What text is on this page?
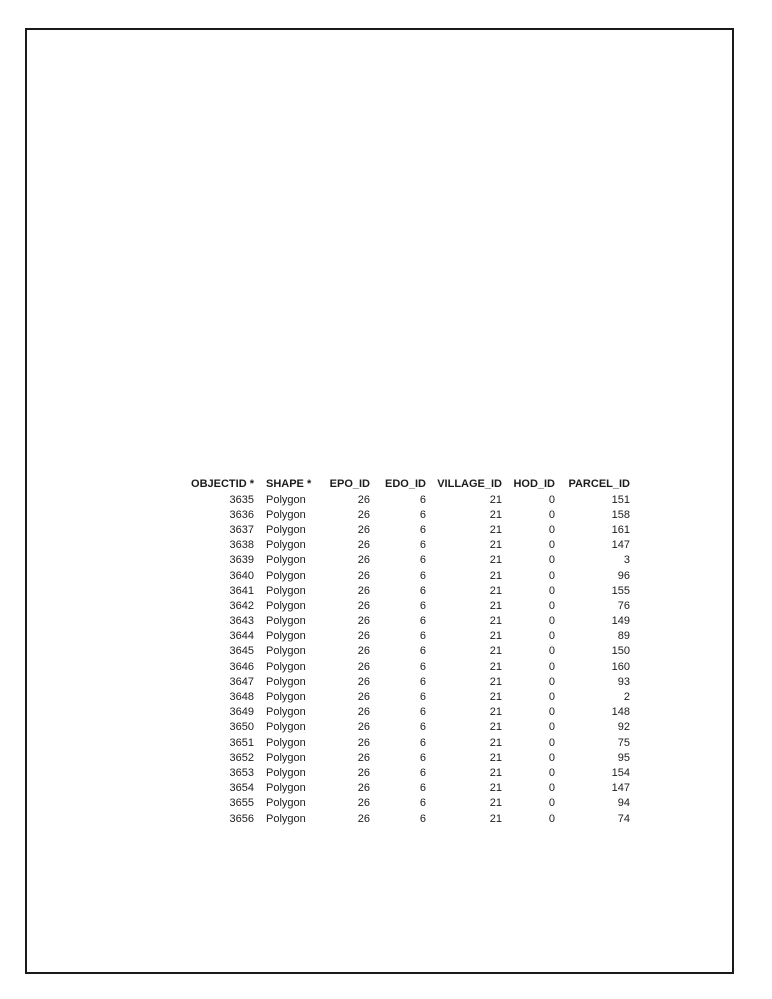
OBJECTID *	SHAPE *	EPO_ID	EDO_ID	VILLAGE_ID	HOD_ID	PARCEL_ID
3635	Polygon	26	6	21	0	151
3636	Polygon	26	6	21	0	158
3637	Polygon	26	6	21	0	161
3638	Polygon	26	6	21	0	147
3639	Polygon	26	6	21	0	3
3640	Polygon	26	6	21	0	96
3641	Polygon	26	6	21	0	155
3642	Polygon	26	6	21	0	76
3643	Polygon	26	6	21	0	149
3644	Polygon	26	6	21	0	89
3645	Polygon	26	6	21	0	150
3646	Polygon	26	6	21	0	160
3647	Polygon	26	6	21	0	93
3648	Polygon	26	6	21	0	2
3649	Polygon	26	6	21	0	148
3650	Polygon	26	6	21	0	92
3651	Polygon	26	6	21	0	75
3652	Polygon	26	6	21	0	95
3653	Polygon	26	6	21	0	154
3654	Polygon	26	6	21	0	147
3655	Polygon	26	6	21	0	94
3656	Polygon	26	6	21	0	74
